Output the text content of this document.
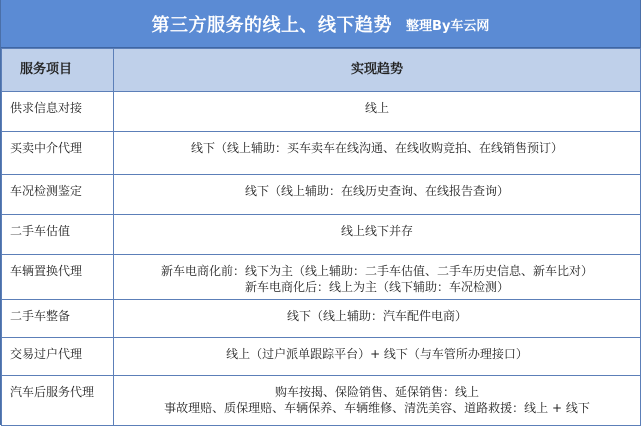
第三方服务的线上、线下趋势 整理By车云网
服务项目	实现趋势
供求信息对接	线上

买卖中介代理	线下（线上辅助：买车卖车在线沟通、在线收购竞拍、在线销售预订）

车况检测鉴定	线下（线上辅助：在线历史查询、在线报告查询）

二手车估值	线上线下并存

车辆置换代理	新车电商化前：线下为主（线上辅助：二手车估值、二手车历史信息、新车比对）
新车电商化后：线上为主（线下辅助：车况检测）

二手车整备	线下（线上辅助：汽车配件电商）

交易过户代理	线上（过户派单跟踪平台）+ 线下（与车管所办理接口）

汽车后服务代理	购车按揭、保险销售、延保销售：线上
事故理赔、质保理赔、车辆保养、车辆维修、清洗美容、道路救援：线上 + 线下
